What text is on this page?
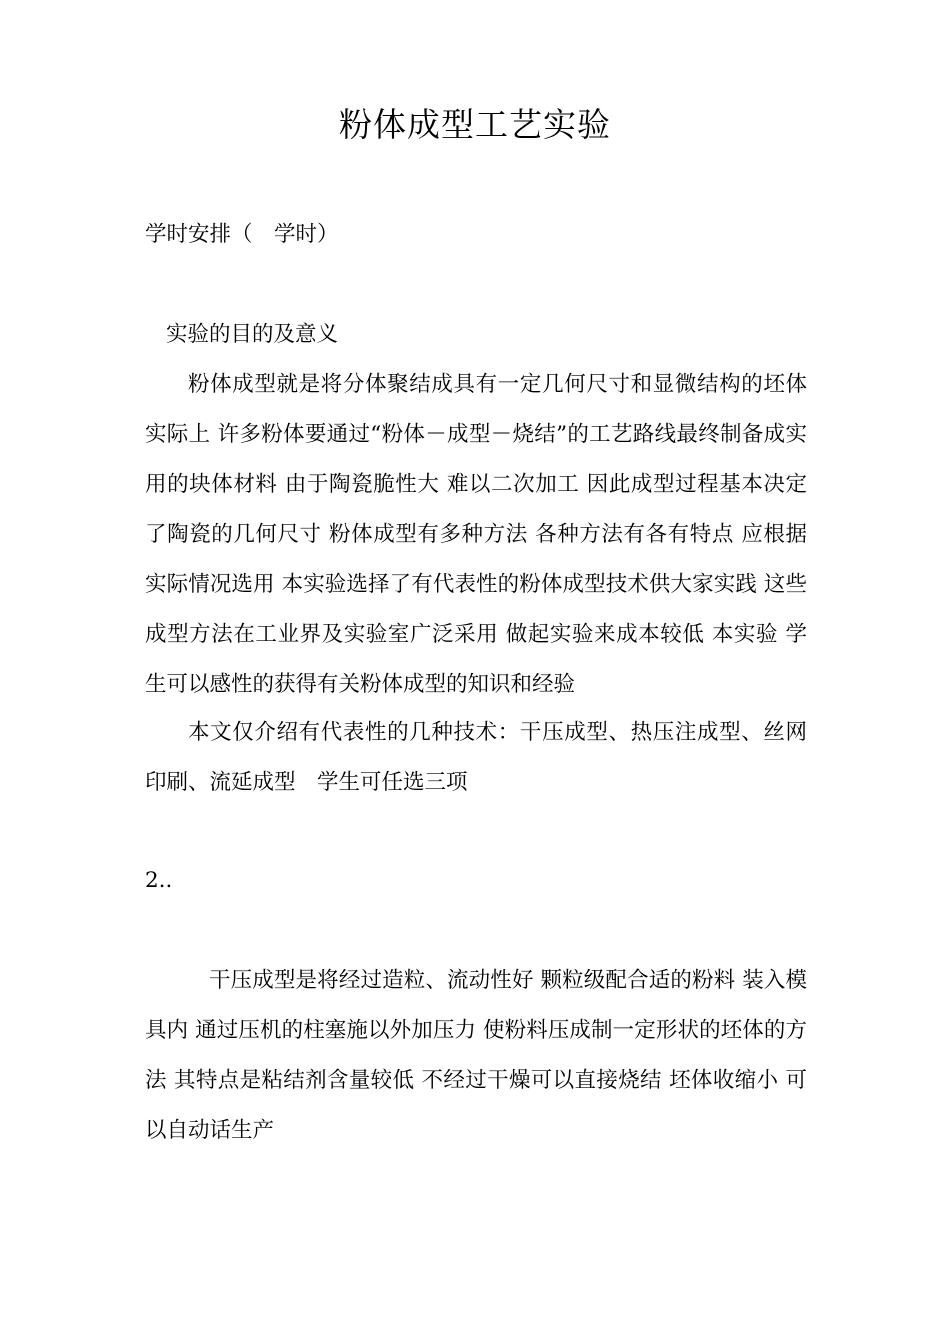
粉体成型工艺实验

学时安排（　学时）

实验的目的及意义

粉体成型就是将分体聚结成具有一定几何尺寸和显微结构的坯体 实际上 许多粉体要通过“粉体－成型－烧结”的工艺路线最终制备成实用的块体材料 由于陶瓷脆性大 难以二次加工 因此成型过程基本决定了陶瓷的几何尺寸 粉体成型有多种方法 各种方法有各有特点 应根据实际情况选用 本实验选择了有代表性的粉体成型技术供大家实践 这些成型方法在工业界及实验室广泛采用 做起实验来成本较低 本实验 学生可以感性的获得有关粉体成型的知识和经验

本文仅介绍有代表性的几种技术：干压成型、热压注成型、丝网印刷、流延成型　学生可任选三项

2..

干压成型是将经过造粒、流动性好 颗粒级配合适的粉料 装入模具内 通过压机的柱塞施以外加压力 使粉料压成制一定形状的坯体的方法 其特点是粘结剂含量较低 不经过干燥可以直接烧结 坯体收缩小 可以自动话生产
